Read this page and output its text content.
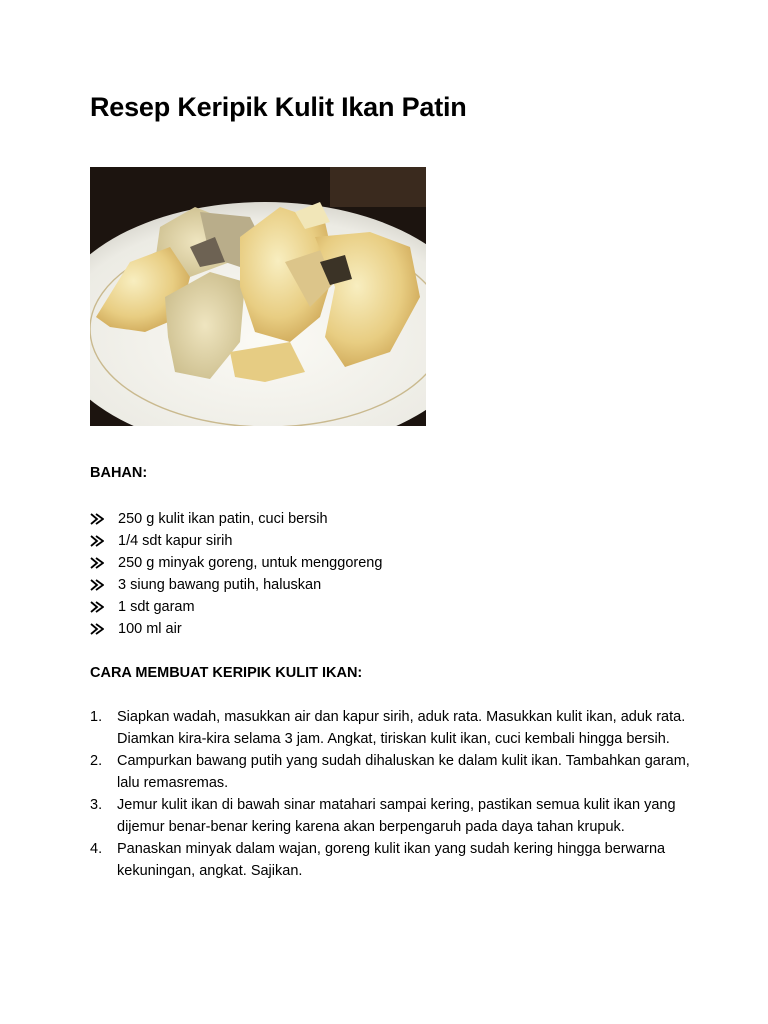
Resep Keripik Kulit Ikan Patin
BAHAN:
250 g kulit ikan patin, cuci bersih
1/4 sdt kapur sirih
250 g minyak goreng, untuk menggoreng
3 siung bawang putih, haluskan
1 sdt garam
100 ml air
CARA MEMBUAT KERIPIK KULIT IKAN:
1. Siapkan wadah, masukkan air dan kapur sirih, aduk rata. Masukkan kulit ikan, aduk rata. Diamkan kira-kira selama 3 jam. Angkat, tiriskan kulit ikan, cuci kembali hingga bersih.
2. Campurkan bawang putih yang sudah dihaluskan ke dalam kulit ikan. Tambahkan garam, lalu remasremas.
3. Jemur kulit ikan di bawah sinar matahari sampai kering, pastikan semua kulit ikan yang dijemur benar-benar kering karena akan berpengaruh pada daya tahan krupuk.
4. Panaskan minyak dalam wajan, goreng kulit ikan yang sudah kering hingga berwarna kekuningan, angkat. Sajikan.
